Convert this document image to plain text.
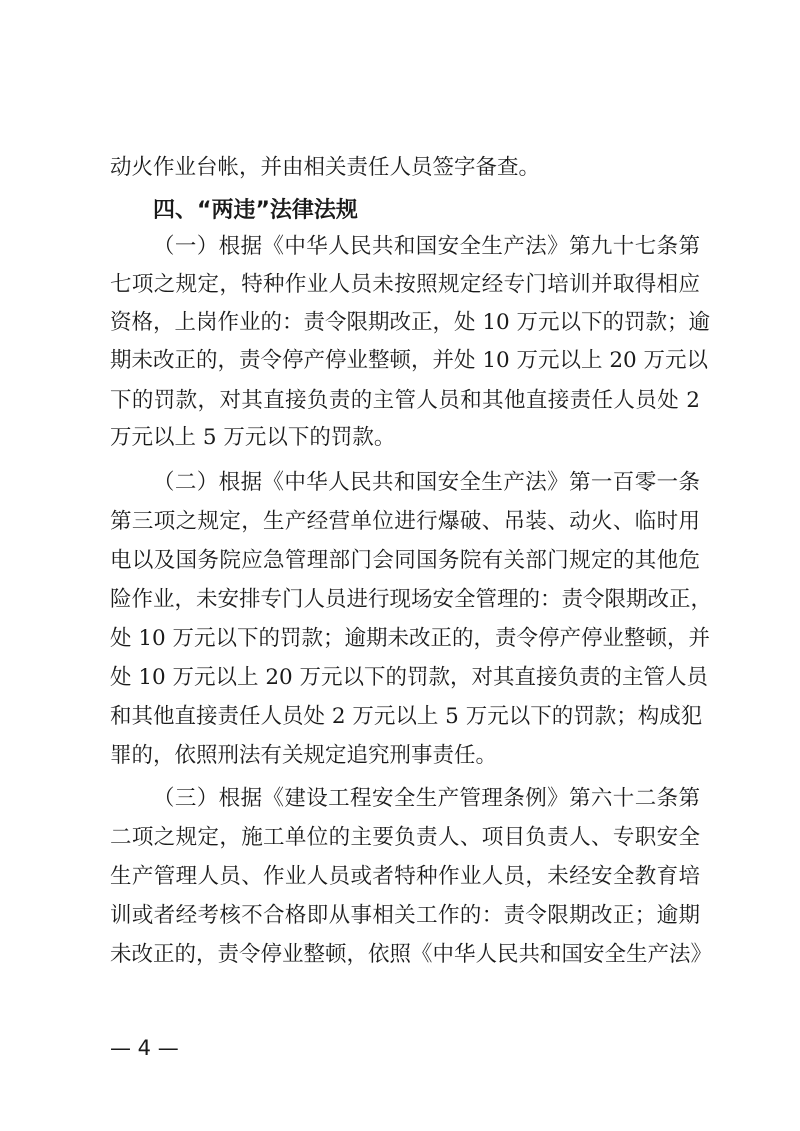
动火作业台帐，并由相关责任人员签字备查。
四、“两违”法律法规
（一）根据《中华人民共和国安全生产法》第九十七条第
七项之规定，特种作业人员未按照规定经专门培训并取得相应
资格，上岗作业的：责令限期改正，处 10 万元以下的罚款；逾
期未改正的，责令停产停业整顿，并处 10 万元以上 20 万元以
下的罚款，对其直接负责的主管人员和其他直接责任人员处 2
万元以上 5 万元以下的罚款。
（二）根据《中华人民共和国安全生产法》第一百零一条
第三项之规定，生产经营单位进行爆破、吊装、动火、临时用
电以及国务院应急管理部门会同国务院有关部门规定的其他危
险作业，未安排专门人员进行现场安全管理的：责令限期改正，
处 10 万元以下的罚款；逾期未改正的，责令停产停业整顿，并
处 10 万元以上 20 万元以下的罚款，对其直接负责的主管人员
和其他直接责任人员处 2 万元以上 5 万元以下的罚款；构成犯
罪的，依照刑法有关规定追究刑事责任。
（三）根据《建设工程安全生产管理条例》第六十二条第
二项之规定，施工单位的主要负责人、项目负责人、专职安全
生产管理人员、作业人员或者特种作业人员，未经安全教育培
训或者经考核不合格即从事相关工作的：责令限期改正；逾期
未改正的，责令停业整顿，依照《中华人民共和国安全生产法》
— 4 —
